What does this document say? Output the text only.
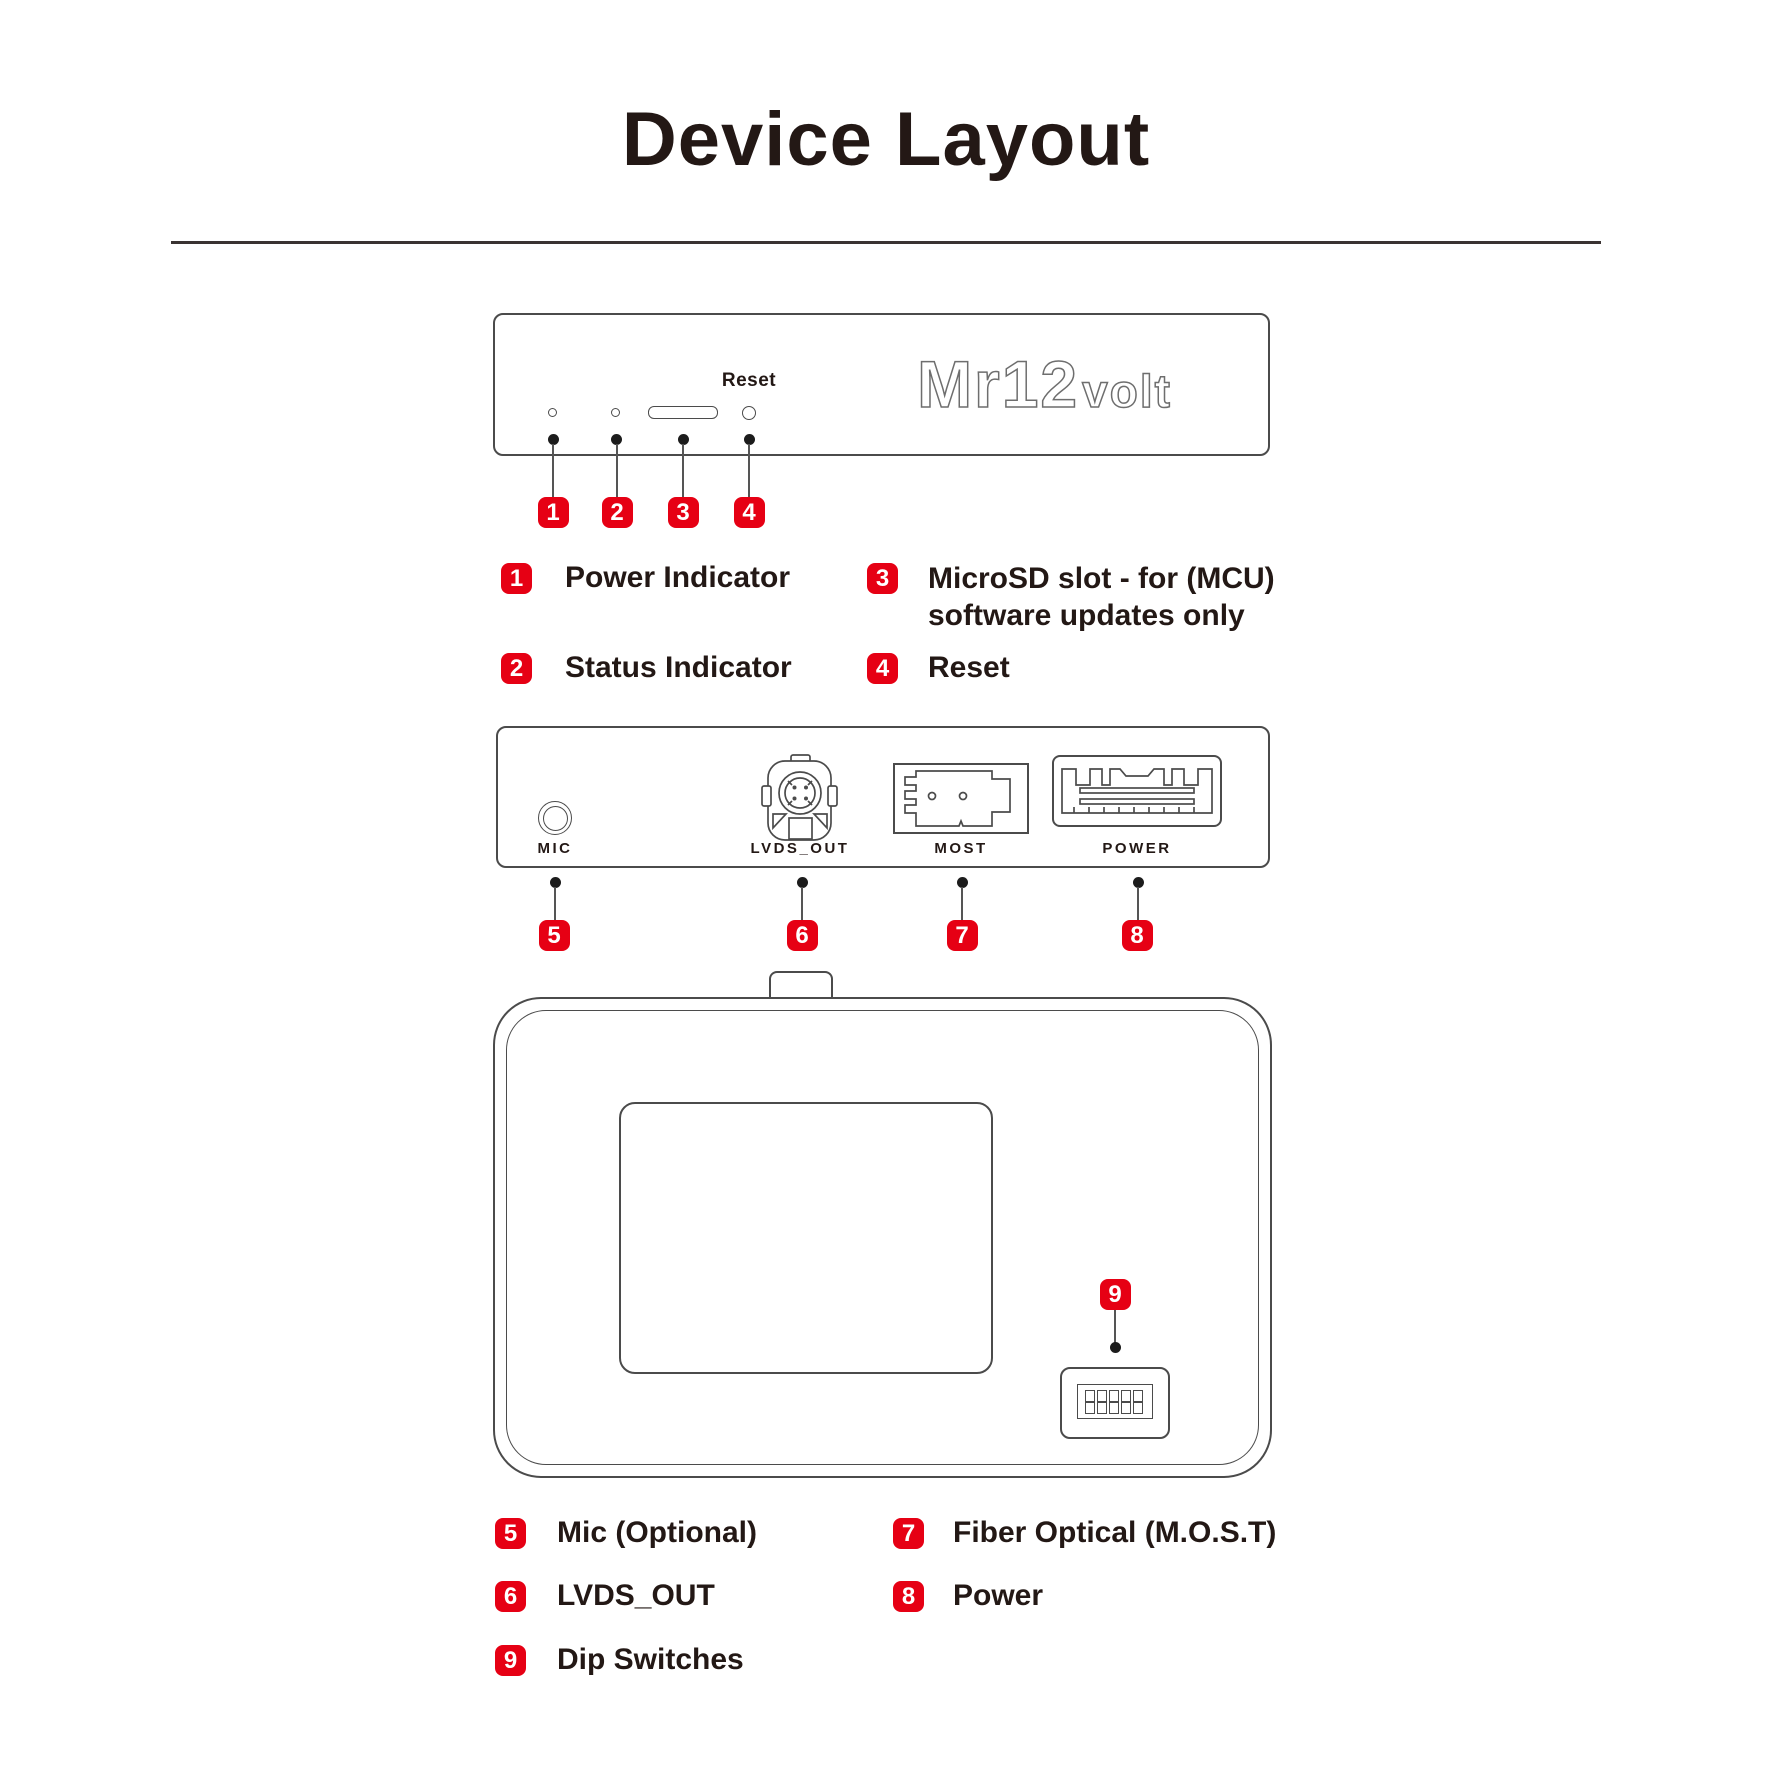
Device Layout
Reset	Mr12 volt
1	2	3	4
1 Power Indicator	3 MicroSD slot - for (MCU)
software updates only
2 Status Indicator	4 Reset
MIC	LVDS_OUT	MOST	POWER
5	6	7	8
9
5 Mic (Optional)	7 Fiber Optical (M.O.S.T)
6 LVDS_OUT	8 Power
9 Dip Switches
